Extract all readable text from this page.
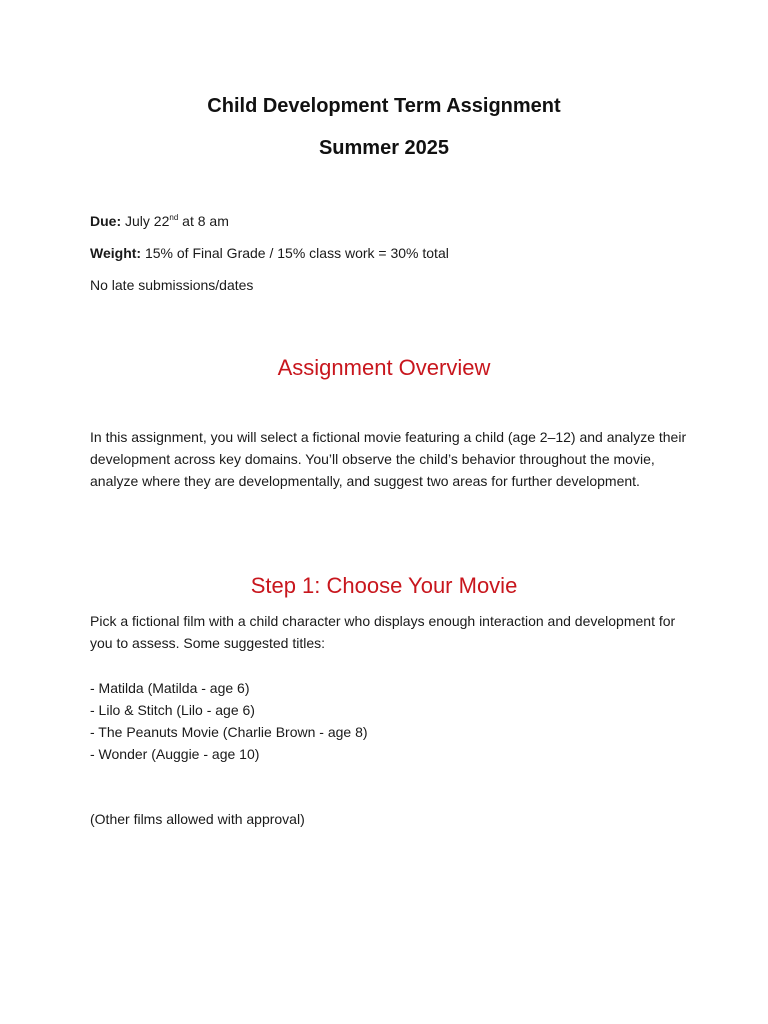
Child Development Term Assignment
Summer 2025

Due: July 22nd at 8 am

Weight: 15% of Final Grade / 15% class work = 30% total

No late submissions/dates

Assignment Overview

In this assignment, you will select a fictional movie featuring a child (age 2–12) and analyze their development across key domains. You’ll observe the child’s behavior throughout the movie, analyze where they are developmentally, and suggest two areas for further development.

Step 1: Choose Your Movie

Pick a fictional film with a child character who displays enough interaction and development for you to assess. Some suggested titles:

- Matilda (Matilda - age 6)
- Lilo & Stitch (Lilo - age 6)
- The Peanuts Movie (Charlie Brown - age 8)
- Wonder (Auggie - age 10)

(Other films allowed with approval)
